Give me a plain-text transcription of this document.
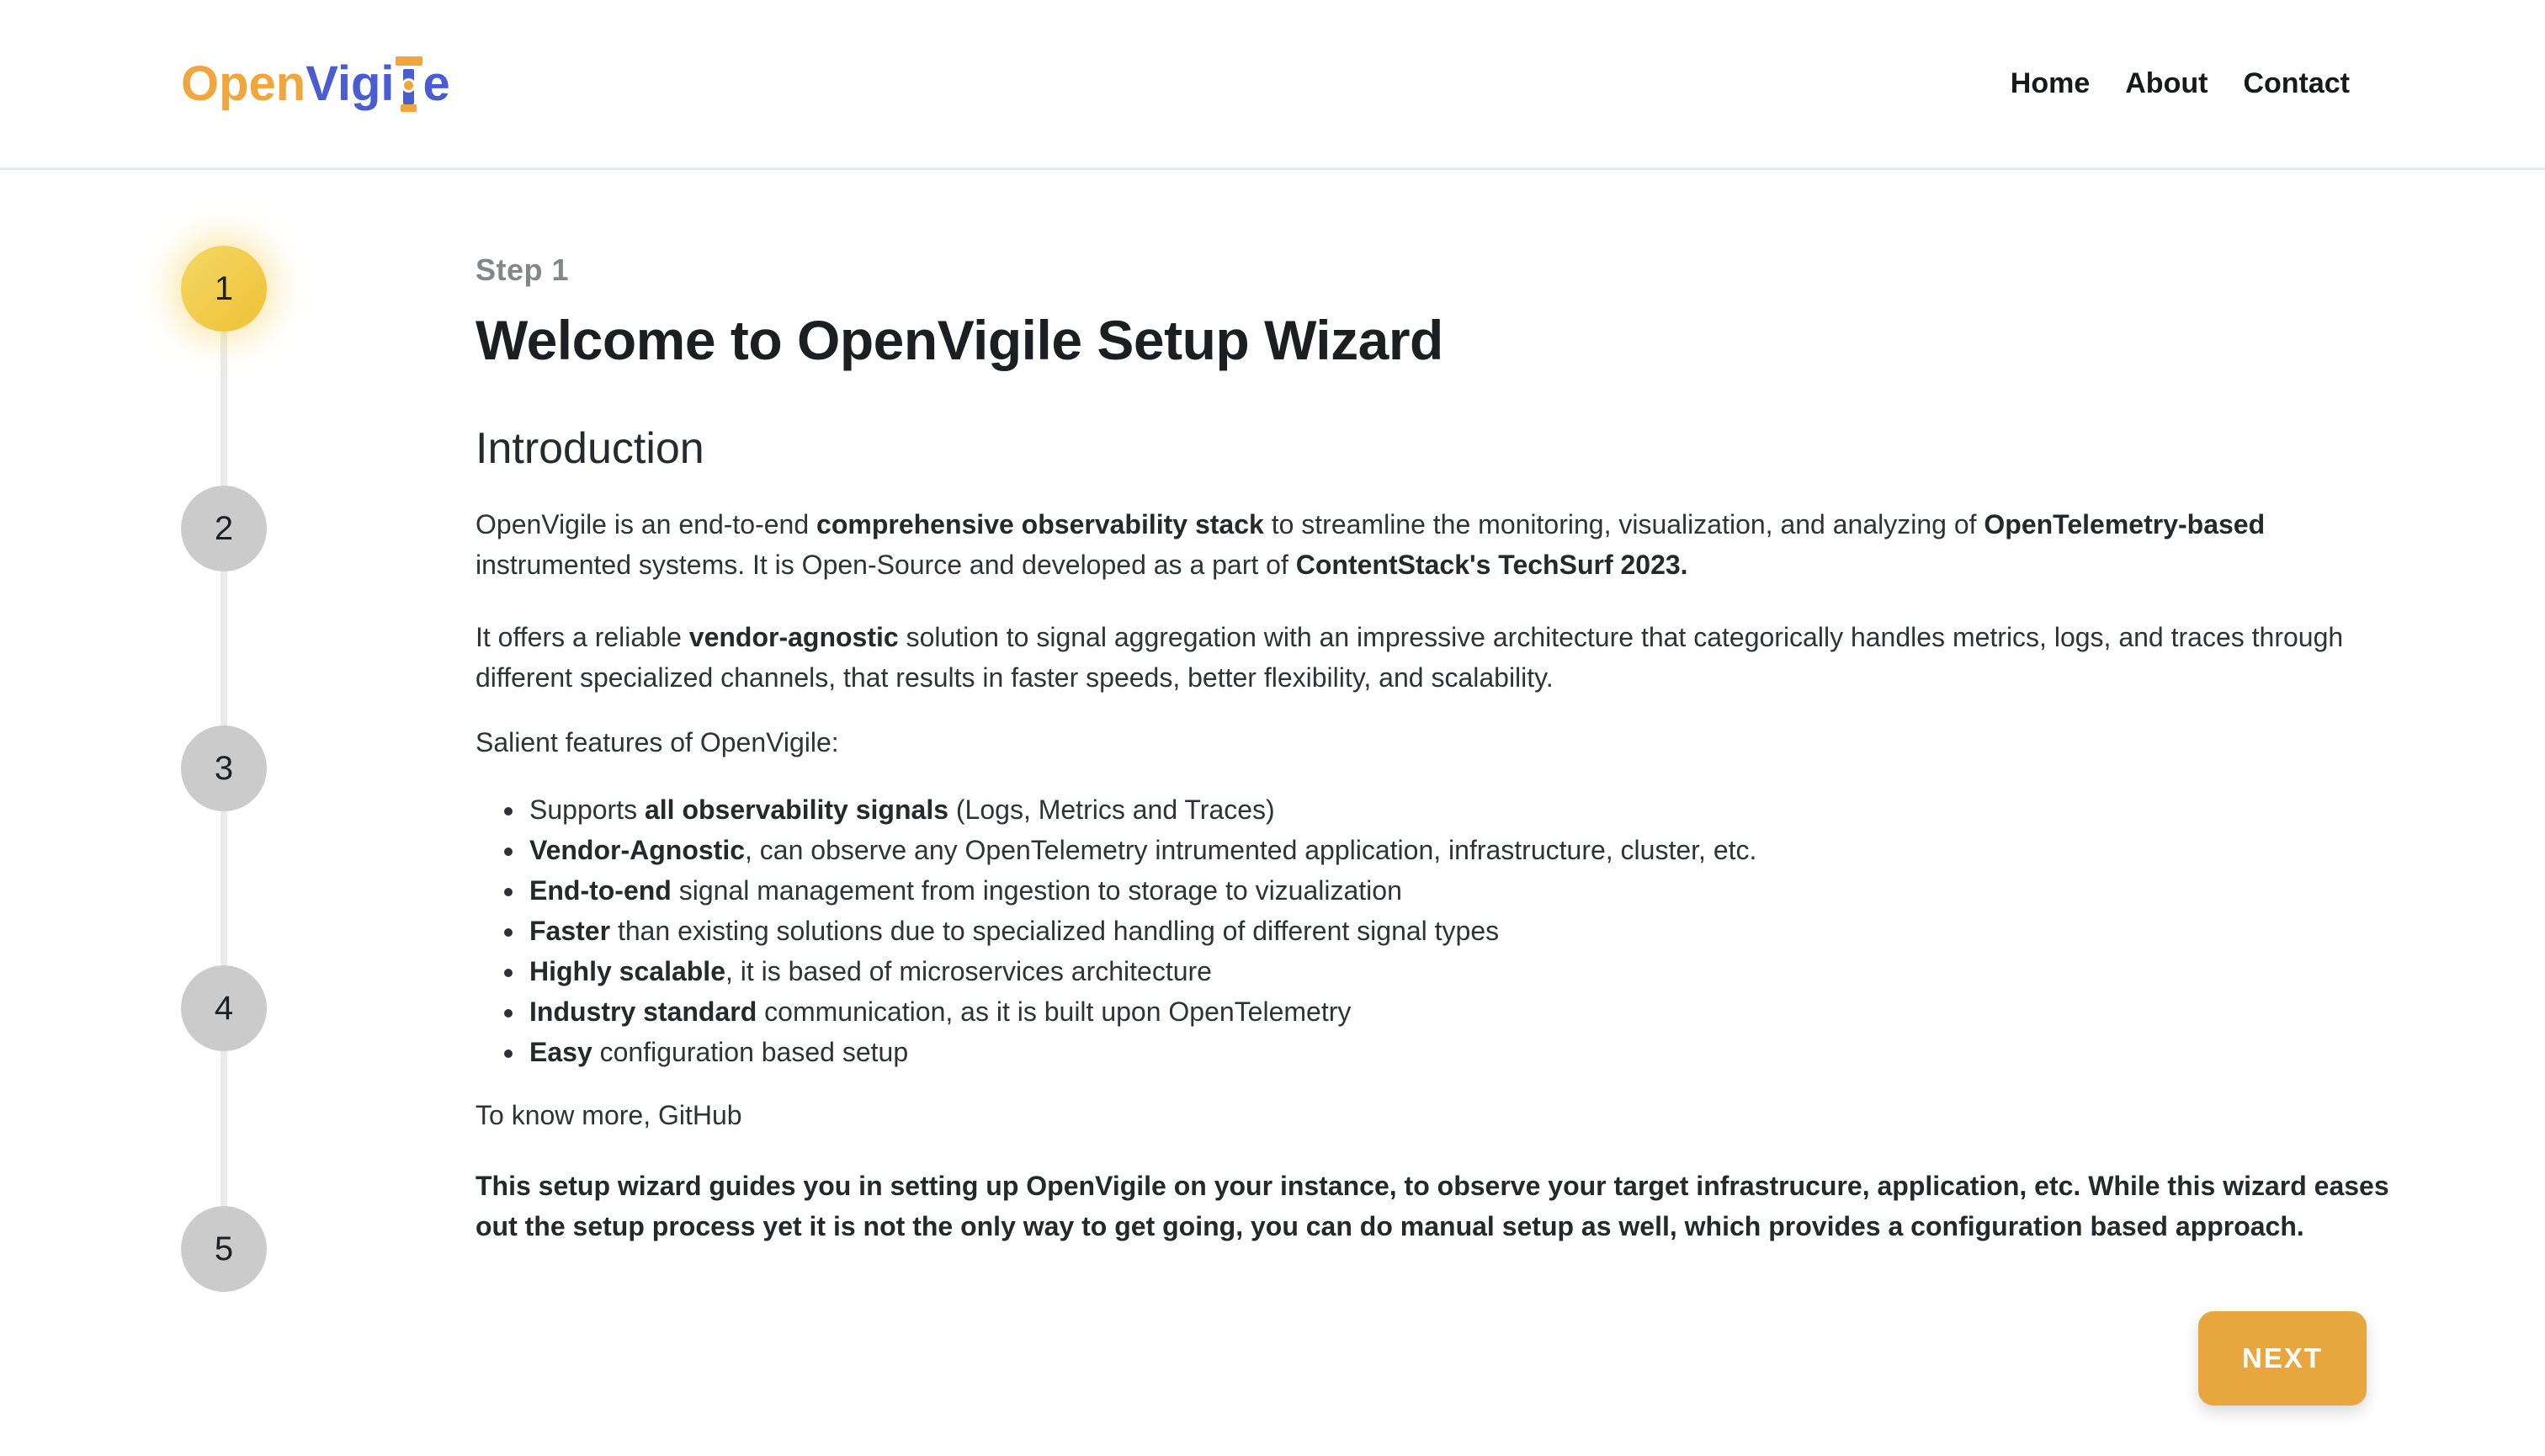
Open Vigi e	Home About Contact
1
2
3
4
5
Step 1
Welcome to OpenVigile Setup Wizard
Introduction

OpenVigile is an end-to-end comprehensive observability stack to streamline the monitoring, visualization, and analyzing of OpenTelemetry-based instrumented systems. It is Open-Source and developed as a part of ContentStack's TechSurf 2023.

It offers a reliable vendor-agnostic solution to signal aggregation with an impressive architecture that categorically handles metrics, logs, and traces through different specialized channels, that results in faster speeds, better flexibility, and scalability.

Salient features of OpenVigile:

• Supports all observability signals (Logs, Metrics and Traces)
• Vendor-Agnostic, can observe any OpenTelemetry intrumented application, infrastructure, cluster, etc.
• End-to-end signal management from ingestion to storage to vizualization
• Faster than existing solutions due to specialized handling of different signal types
• Highly scalable, it is based of microservices architecture
• Industry standard communication, as it is built upon OpenTelemetry
• Easy configuration based setup

To know more, GitHub

This setup wizard guides you in setting up OpenVigile on your instance, to observe your target infrastrucure, application, etc. While this wizard eases out the setup process yet it is not the only way to get going, you can do manual setup as well, which provides a configuration based approach.

NEXT
